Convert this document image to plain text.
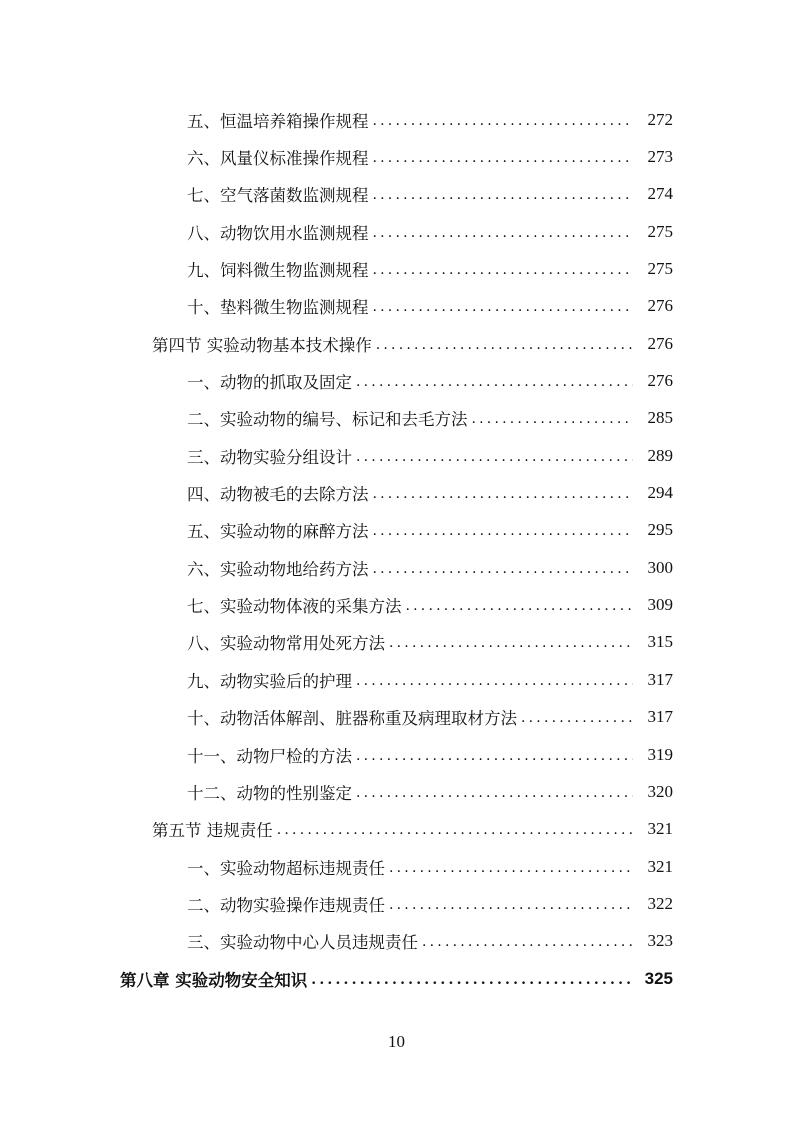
五、恒温培养箱操作规程 .....	272
六、风量仪标准操作规程 .....	273
七、空气落菌数监测规程 .....	274
八、动物饮用水监测规程 .....	275
九、饲料微生物监测规程 .....	275
十、垫料微生物监测规程 .....	276
第四节 实验动物基本技术操作 .....	276
一、动物的抓取及固定 .....	276
二、实验动物的编号、标记和去毛方法 .....	285
三、动物实验分组设计 .....	289
四、动物被毛的去除方法 .....	294
五、实验动物的麻醉方法 .....	295
六、实验动物地给药方法 .....	300
七、实验动物体液的采集方法 .....	309
八、实验动物常用处死方法 .....	315
九、动物实验后的护理 .....	317
十、动物活体解剖、脏器称重及病理取材方法 .....	317
十一、动物尸检的方法 .....	319
十二、动物的性别鉴定 .....	320
第五节 违规责任 .....	321
一、实验动物超标违规责任 .....	321
二、动物实验操作违规责任 .....	322
三、实验动物中心人员违规责任 .....	323
第八章 实验动物安全知识 .....	325
10
